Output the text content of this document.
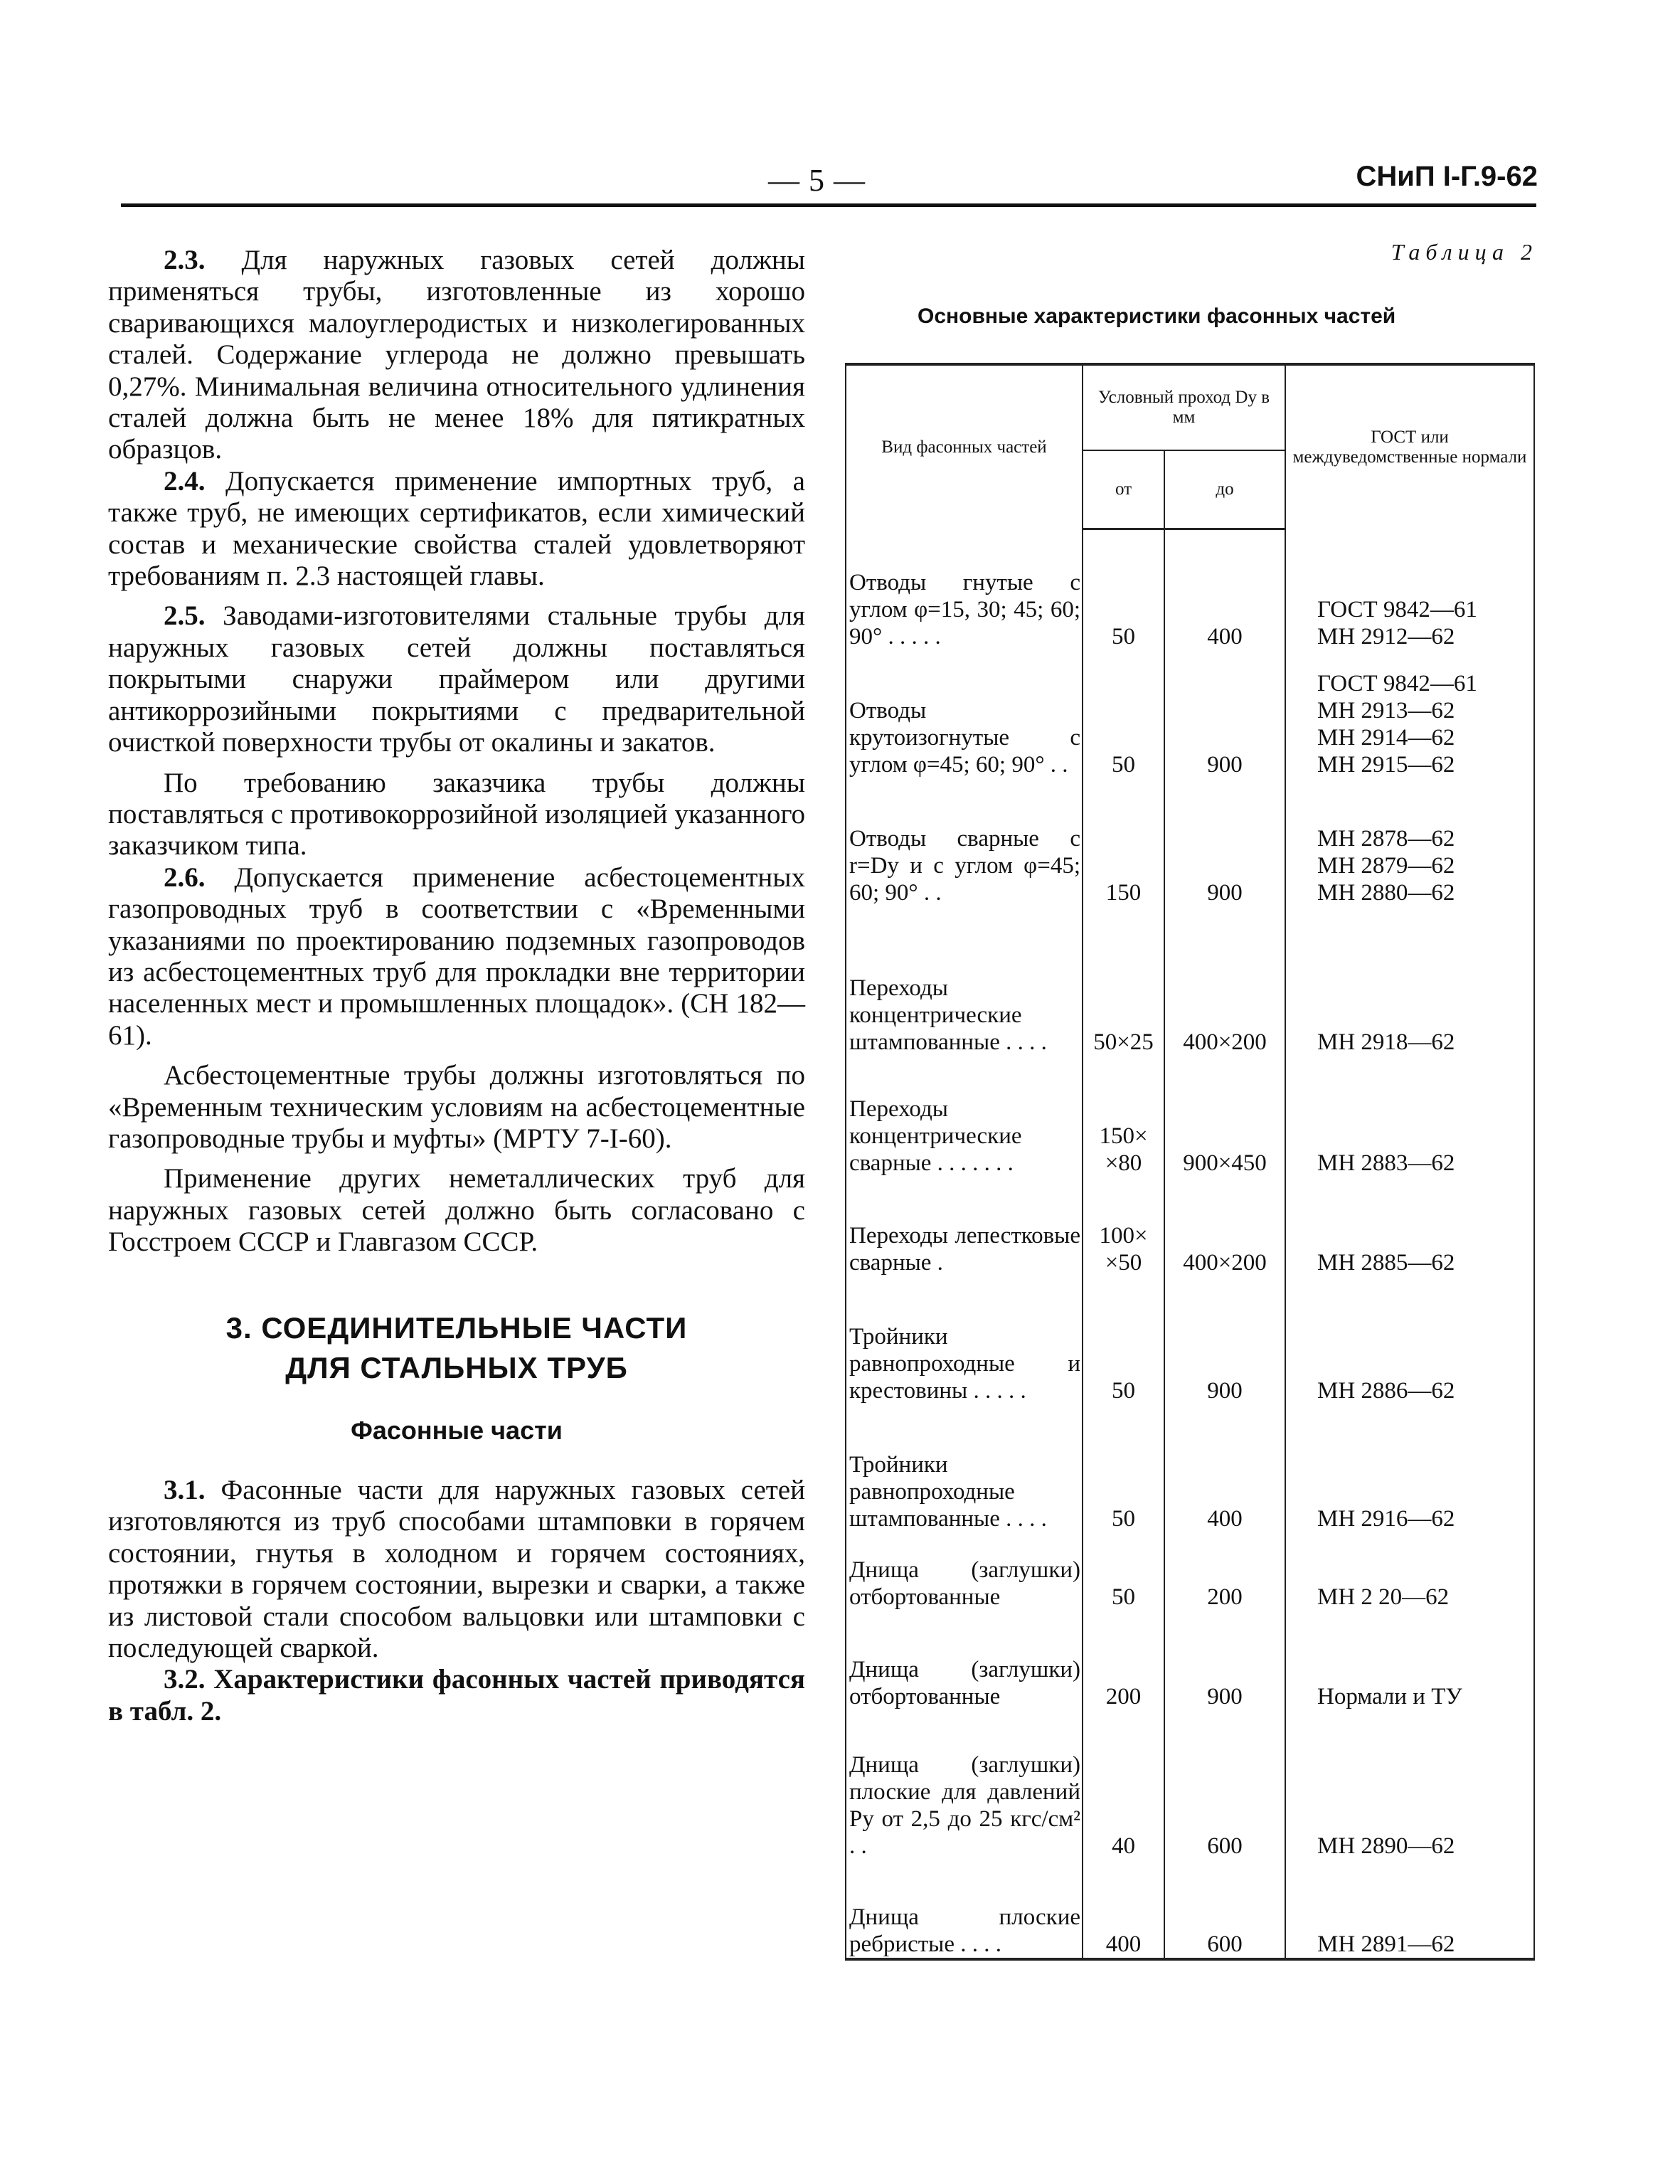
— 5 —	СНиП I-Г.9-62

2.3. Для наружных газовых сетей должны применяться трубы, изготовленные из хорошо сваривающихся малоуглеродистых и низколегированных сталей. Содержание углерода не должно превышать 0,27%. Минимальная величина относительного удлинения сталей должна быть не менее 18% для пятикратных образцов.

2.4. Допускается применение импортных труб, а также труб, не имеющих сертификатов, если химический состав и механические свойства сталей удовлетворяют требованиям п. 2.3 настоящей главы.

2.5. Заводами-изготовителями стальные трубы для наружных газовых сетей должны поставляться покрытыми снаружи праймером или другими антикоррозийными покрытиями с предварительной очисткой поверхности трубы от окалины и закатов.

По требованию заказчика трубы должны поставляться с противокоррозийной изоляцией указанного заказчиком типа.

2.6. Допускается применение асбестоцементных газопроводных труб в соответствии с «Временными указаниями по проектированию подземных газопроводов из асбестоцементных труб для прокладки вне территории населенных мест и промышленных площадок». (СН 182—61).

Асбестоцементные трубы должны изготовляться по «Временным техническим условиям на асбестоцементные газопроводные трубы и муфты» (МРТУ 7-I-60).

Применение других неметаллических труб для наружных газовых сетей должно быть согласовано с Госстроем СССР и Главгазом СССР.

3. СОЕДИНИТЕЛЬНЫЕ ЧАСТИ
ДЛЯ СТАЛЬНЫХ ТРУБ
Фасонные части

3.1. Фасонные части для наружных газовых сетей изготовляются из труб способами штамповки в горячем состоянии, гнутья в холодном и горячем состояниях, протяжки в горячем состоянии, вырезки и сварки, а также из листовой стали способом вальцовки или штамповки с последующей сваркой.

3.2. Характеристики фасонных частей приводятся в табл. 2.

Таблица 2
Основные характеристики фасонных частей
Вид фасонных частей	Условный проход Dу в мм		ГОСТ или междуведомственные нормали
	от	до	
Отводы гнутые с углом φ=15, 30; 45; 60; 90° . . . . .	50	400	ГОСТ 9842—61
МН 2912—62

Отводы крутоизогнутые с углом φ=45; 60; 90° . .	50	900	ГОСТ 9842—61
МН 2913—62
МН 2914—62
МН 2915—62

Отводы сварные с r=Dу и с углом φ=45; 60; 90° . .	150	900	МН 2878—62
МН 2879—62
МН 2880—62

Переходы концентрические штампованные . . . .	50×25	400×200	МН 2918—62

Переходы концентрические сварные . . . . . . .	150× ×80	900×450	МН 2883—62

Переходы лепестковые сварные .	100× ×50	400×200	МН 2885—62

Тройники равнопроходные и крестовины . . . . .	50	900	МН 2886—62

Тройники равнопроходные штампованные . . . .	50	400	МН 2916—62

Днища (заглушки) отбортованные	50	200	МН 2 20—62

Днища (заглушки) отбортованные	200	900	Нормали и ТУ

Днища (заглушки) плоские для давлений Pу от 2,5 до 25 кгс/см² . .	40	600	МН 2890—62

Днища плоские ребристые . . . .	400	600	МН 2891—62
